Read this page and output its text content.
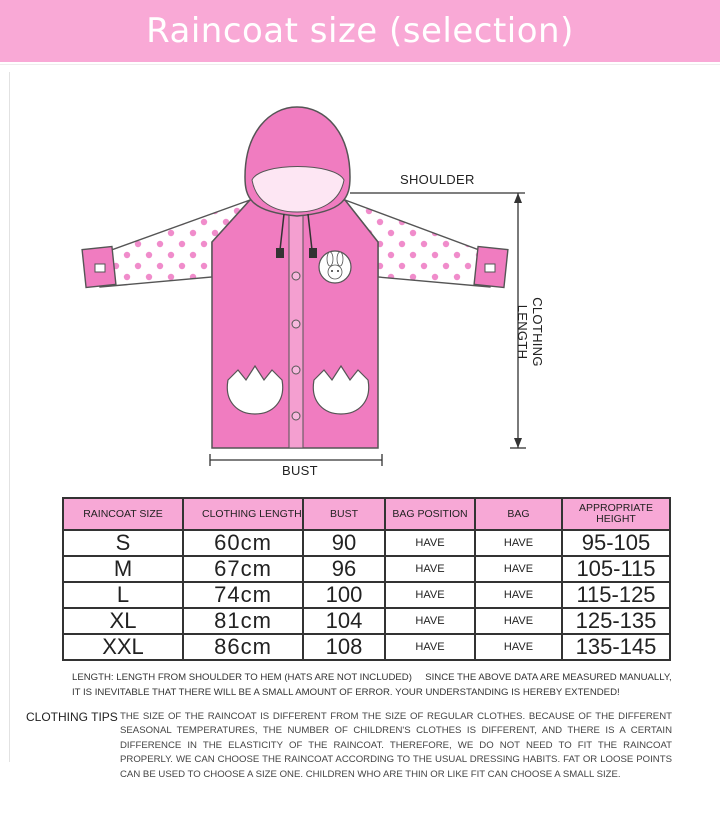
Raincoat size (selection)
SHOULDER
BUST
CLOTHING LENGTH
RAINCOAT SIZE	CLOTHING LENGTH	BUST	BAG POSITION	BAG	APPROPRIATE HEIGHT
S	60cm	90	HAVE	HAVE	95-105
M	67cm	96	HAVE	HAVE	105-115
L	74cm	100	HAVE	HAVE	115-125
XL	81cm	104	HAVE	HAVE	125-135
XXL	86cm	108	HAVE	HAVE	135-145
LENGTH: LENGTH FROM SHOULDER TO HEM (HATS ARE NOT INCLUDED)     SINCE THE ABOVE DATA ARE MEASURED MANUALLY,
IT IS INEVITABLE THAT THERE WILL BE A SMALL AMOUNT OF ERROR. YOUR UNDERSTANDING IS HEREBY EXTENDED!
CLOTHING TIPS THE SIZE OF THE RAINCOAT IS DIFFERENT FROM THE SIZE OF REGULAR CLOTHES. BECAUSE OF THE DIFFERENT SEASONAL TEMPERATURES, THE NUMBER OF CHILDREN'S CLOTHES IS DIFFERENT, AND THERE IS A CERTAIN DIFFERENCE IN THE ELASTICITY OF THE RAINCOAT. THEREFORE, WE DO NOT NEED TO FIT THE RAINCOAT PROPERLY. WE CAN CHOOSE THE RAINCOAT ACCORDING TO THE USUAL DRESSING HABITS. FAT OR LOOSE POINTS CAN BE USED TO CHOOSE A SIZE ONE. CHILDREN WHO ARE THIN OR LIKE FIT CAN CHOOSE A SMALL SIZE.
